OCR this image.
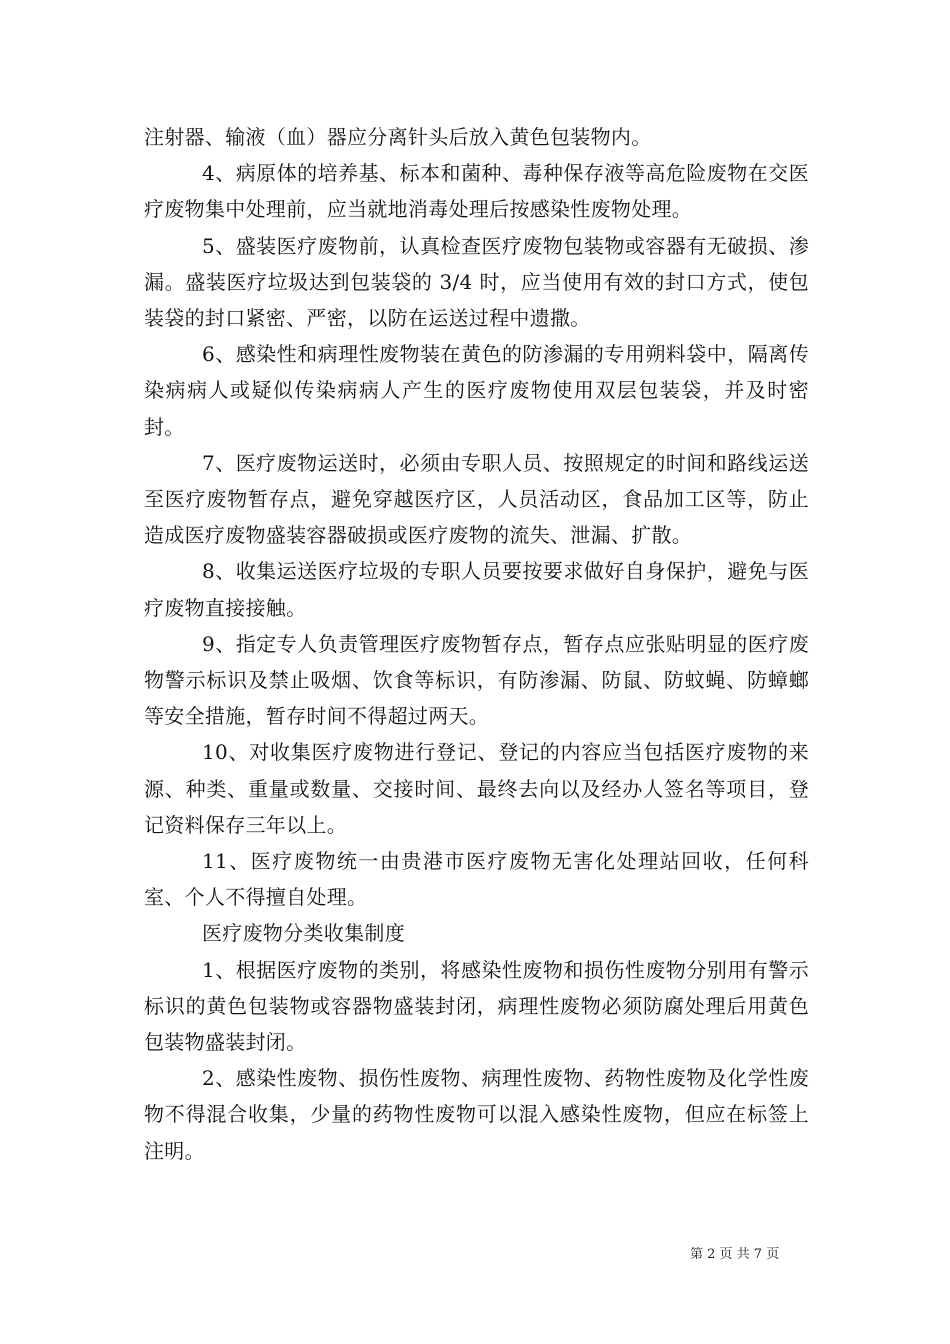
注射器、输液（血）器应分离针头后放入黄色包装物内。

4、病原体的培养基、标本和菌种、毒种保存液等高危险废物在交医疗废物集中处理前，应当就地消毒处理后按感染性废物处理。

5、盛装医疗废物前，认真检查医疗废物包装物或容器有无破损、渗漏。盛装医疗垃圾达到包装袋的 3/4 时，应当使用有效的封口方式，使包装袋的封口紧密、严密，以防在运送过程中遗撒。

6、感染性和病理性废物装在黄色的防渗漏的专用朔料袋中，隔离传染病病人或疑似传染病病人产生的医疗废物使用双层包装袋，并及时密封。

7、医疗废物运送时，必须由专职人员、按照规定的时间和路线运送至医疗废物暂存点，避免穿越医疗区，人员活动区，食品加工区等，防止造成医疗废物盛装容器破损或医疗废物的流失、泄漏、扩散。

8、收集运送医疗垃圾的专职人员要按要求做好自身保护，避免与医疗废物直接接触。

9、指定专人负责管理医疗废物暂存点，暂存点应张贴明显的医疗废物警示标识及禁止吸烟、饮食等标识，有防渗漏、防鼠、防蚊蝇、防蟑螂等安全措施，暂存时间不得超过两天。

10、对收集医疗废物进行登记、登记的内容应当包括医疗废物的来源、种类、重量或数量、交接时间、最终去向以及经办人签名等项目，登记资料保存三年以上。

11、医疗废物统一由贵港市医疗废物无害化处理站回收，任何科室、个人不得擅自处理。

医疗废物分类收集制度

1、根据医疗废物的类别，将感染性废物和损伤性废物分别用有警示标识的黄色包装物或容器物盛装封闭，病理性废物必须防腐处理后用黄色包装物盛装封闭。

2、感染性废物、损伤性废物、病理性废物、药物性废物及化学性废物不得混合收集，少量的药物性废物可以混入感染性废物，但应在标签上注明。

第 2 页 共 7 页
